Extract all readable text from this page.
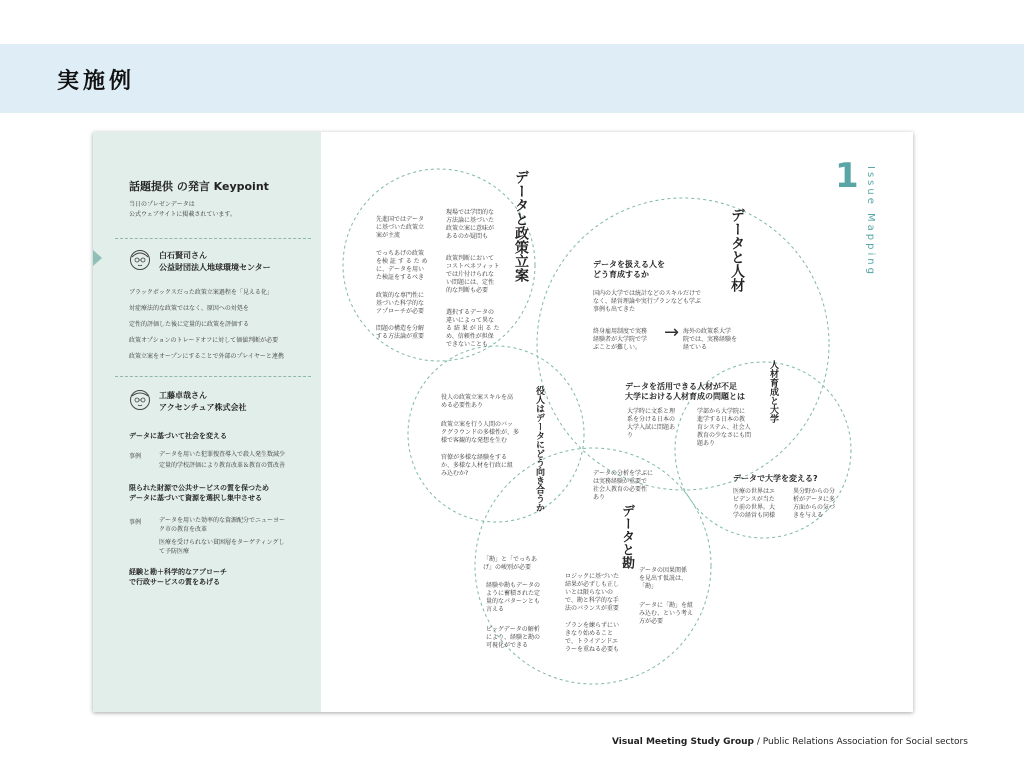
実施例
話題提供 の発言 Keypoint
当日のプレゼンデータは
公式ウェブサイトに掲載されています。
白石賢司さん
公益財団法人地球環境センター
ブラックボックスだった政策立案過程を「見える化」
対症療法的な政策ではなく、原因への対処を
定性的評価した後に定量的に政策を評価する
政策オプションのトレードオフに対して価値判断が必要
政策立案をオープンにすることで外部のプレイヤーと連携
工藤卓哉さん
アクセンチュア株式会社
データに基づいて社会を変える
事例	データを用いた犯罪捜査導入で殺人発生数減少
定量的学校評価により教育改革＆教育の質改善
限られた財源で公共サービスの質を保つため
データに基づいて資源を選択し集中させる
事例	データを用いた効率的な資源配分でニューヨー
ク市の教育を改革
医療を受けられない貧困層をターゲティングし
て予防医療
経験と勘＋科学的なアプローチ
で行政サービスの質をあげる
1 Issue Mapping
データと政策立案
先進国ではデータ
に基づいた政策立
案が主流
でっちあげの政策
を検 証 す る た め
に、データを用い
た検証をするべき
政策的な専門性に
基づいた科学的な
アプローチが必要
問題の構造を分解
する方法論が重要
現場では学問的な
方法論に基づいた
政策立案に意味が
あるのか疑問も
政策判断において
コストベネフィット
では片付けられな
い問題には、定性
的な判断も必要
選択するデータの
違いによって異な
る 結 果 が 出 る た
め、信頼性が担保
できないことも
データと人材
データを扱える人を
どう育成するか
国内の大学では統計などのスキルだけで
なく、経営理論や実行プランなども学ぶ
事例も出てきた
終身雇用制度で実務
経験者が大学院で学
ぶことが難しい。
→ 海外の政策系大学
院では、実務経験を
経ている
人材育成と大学
データを活用できる人材が不足
大学における人材育成の問題とは
大学時に文系と理
系を分ける日本の
大学入試に問題あ
り
学部から大学院に
進学する日本の教
育システム、社会人
教育の少なさにも問
題あり
データで大学を変える?
医療の世界はエ
ビデンスが当た
り前の世界。大
学の経営も同様
異分野からの分
析がデータに多
方面からの気づ
きを与える
役人はデータにどう向き合うか
役人の政策立案スキルを高
める必要性あり
政策立案を行う人間のバッ
クグラウンドの多様性が、多
様で客観的な発想を生む
官僚が多様な経験をする
か、多様な人材を行政に組
み込むか?	データの分析を学ぶに
は実務経験が重要で
社会人教育の必要性
あり
データと勘
「勘」と「でっちあ
げ」の峻別が必要
経験や勘もデータの
ように蓄積された定
量的なパターンとも
言える
ビッグデータの解析
により、経験と勘の
可視化ができる
ロジックに基づいた
結果が必ずしも正し
いとは限らないの
で、勘と科学的な手
法のバランスが重要
プランを練らずにい
きなり始めること
で、トライアンドエ
ラーを重ねる必要も
データの因果関係
を見出す仮説は、
「勘」
データに「勘」を組
み込む、という考え
方が必要
Visual Meeting Study Group / Public Relations Association for Social sectors
